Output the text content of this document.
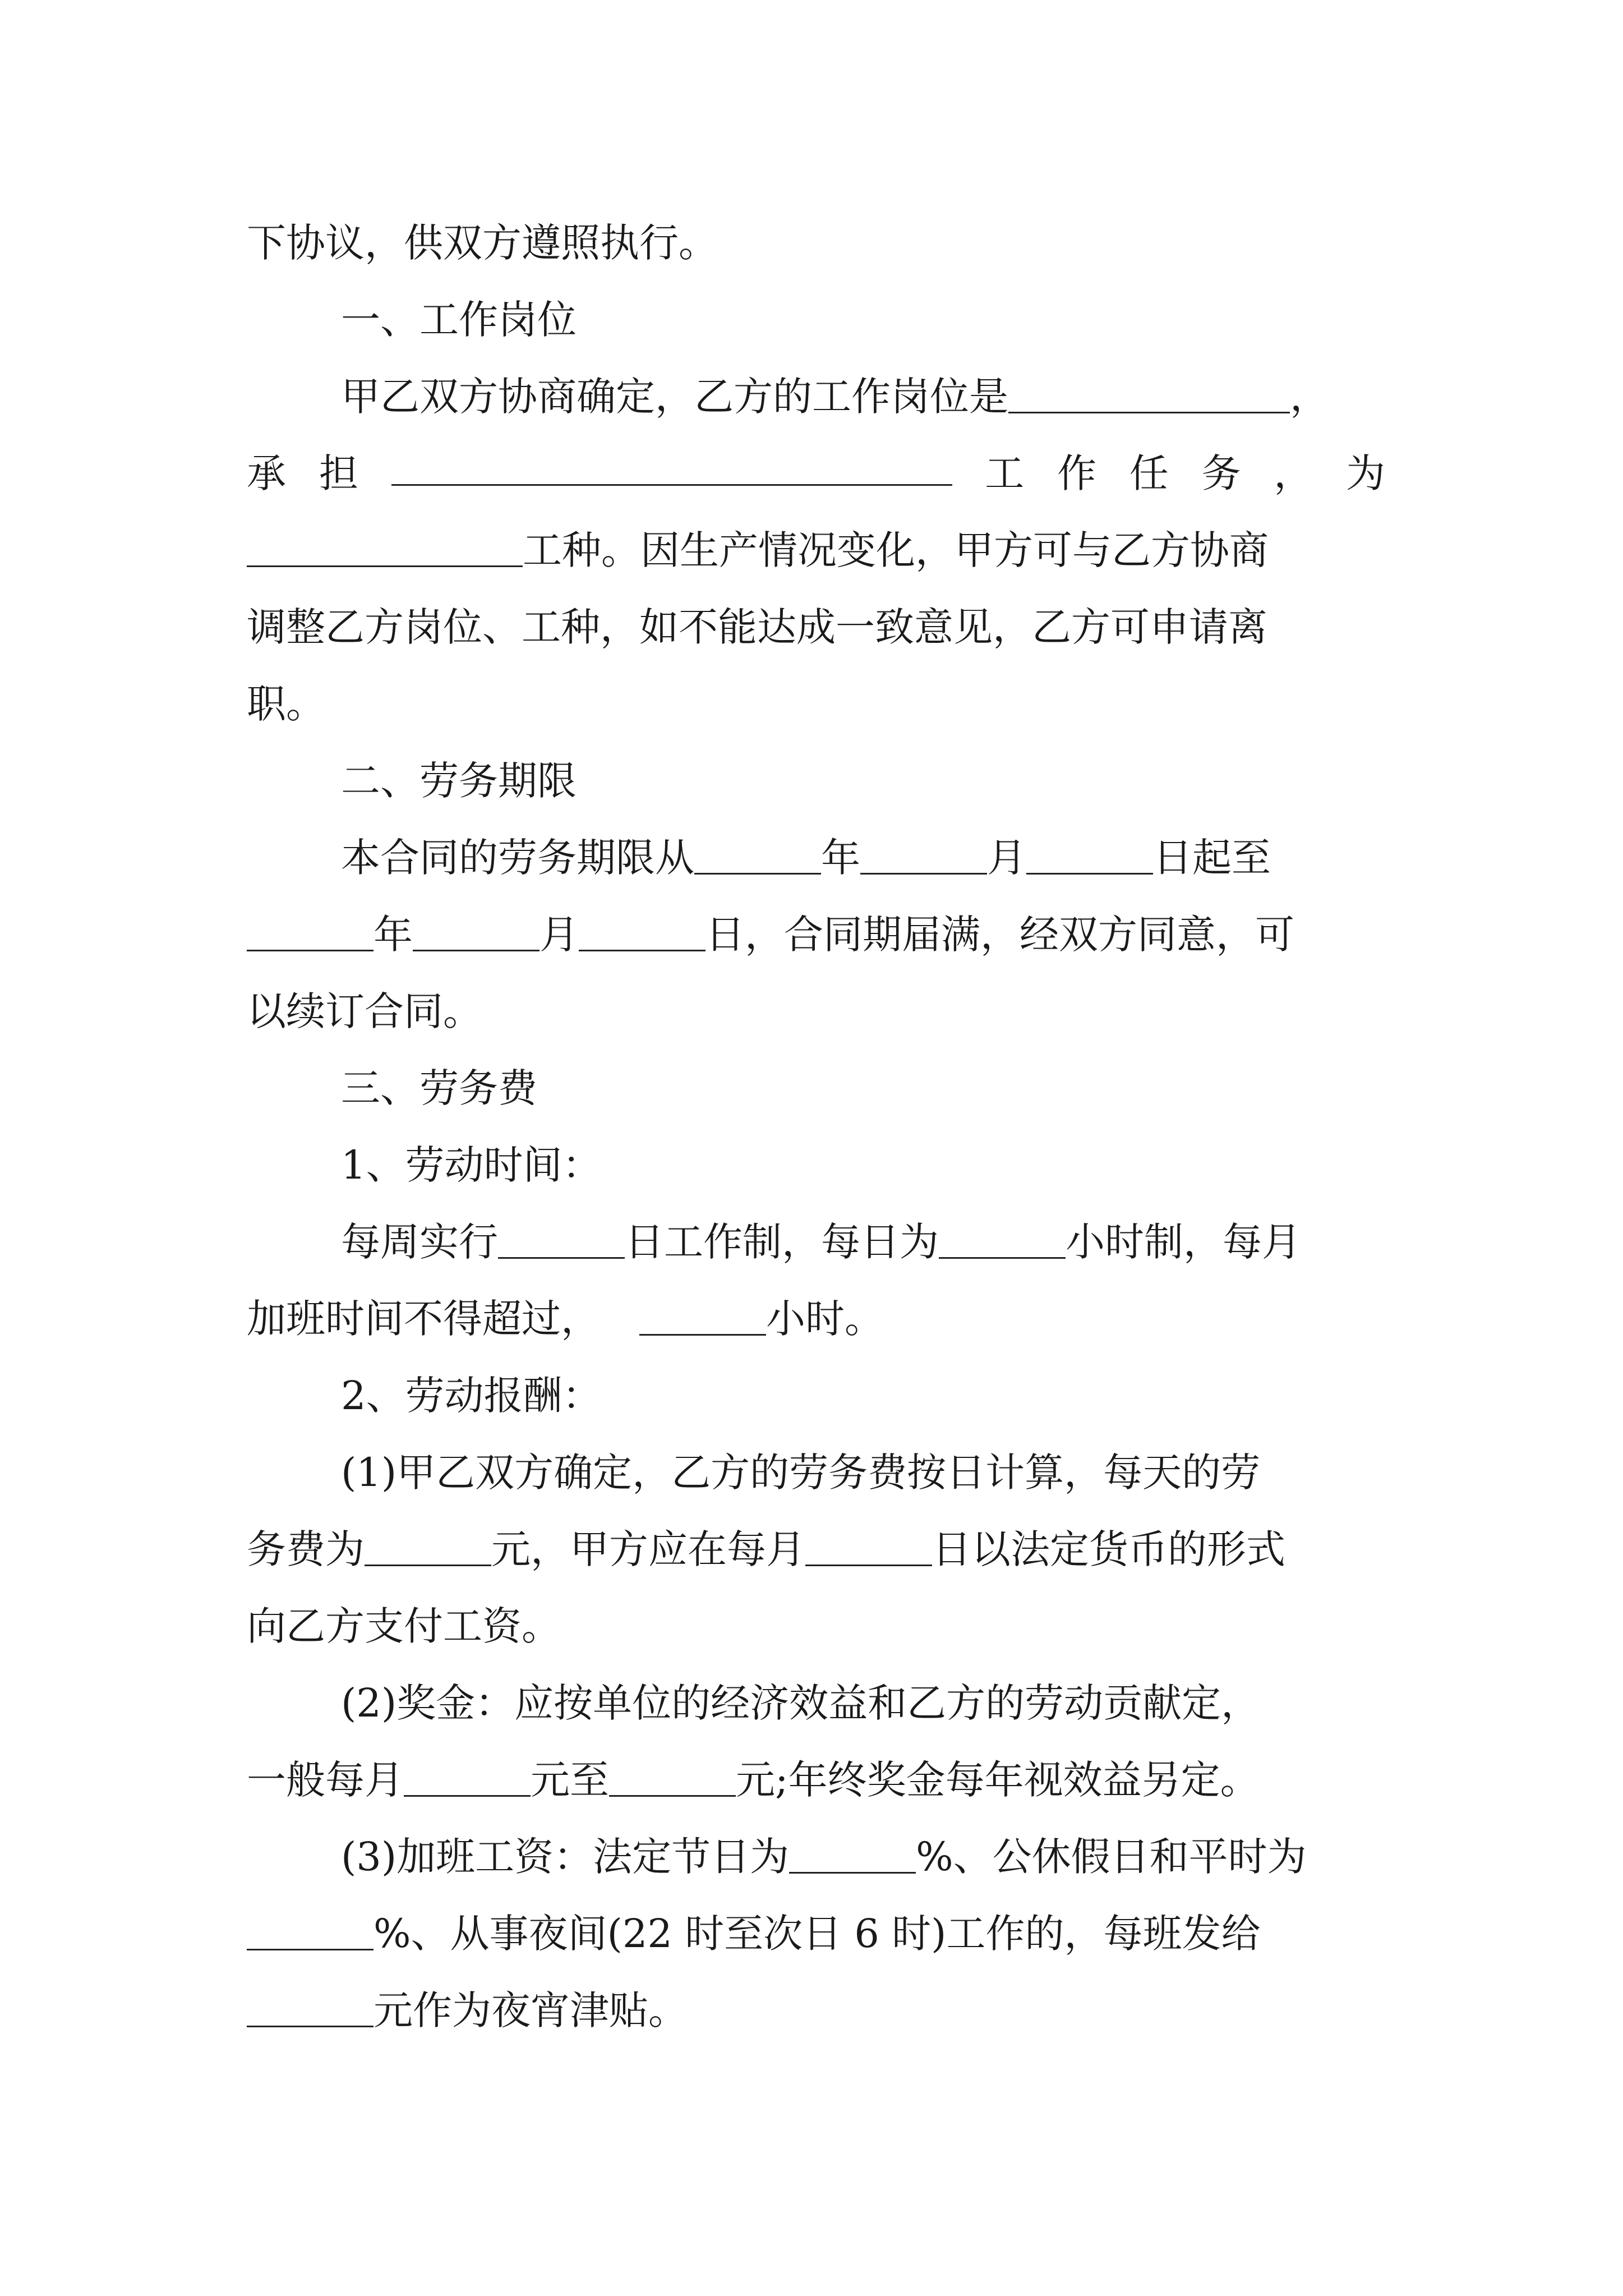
下协议，供双方遵照执行。
一、工作岗位
甲乙双方协商确定，乙方的工作岗位是	，
承 担	工 作 任 务 ， 为
工种。因生产情况变化，甲方可与乙方协商
调整乙方岗位、工种，如不能达成一致意见，乙方可申请离
职。
二、劳务期限
本合同的劳务期限从	年	月	日起至
年	月	日，合同期届满，经双方同意，可
以续订合同。
三、劳务费
1、劳动时间：
每周实行	日工作制，每日为	小时制，每月
加班时间不得超过，	小时。
2、劳动报酬：
(1)甲乙双方确定，乙方的劳务费按日计算，每天的劳
务费为	元，甲方应在每月	日以法定货币的形式
向乙方支付工资。
(2)奖金：应按单位的经济效益和乙方的劳动贡献定，
一般每月	元至	元;年终奖金每年视效益另定。
(3)加班工资：法定节日为	%、公休假日和平时为
%、从事夜间(22 时至次日 6 时)工作的，每班发给
元作为夜宵津贴。
